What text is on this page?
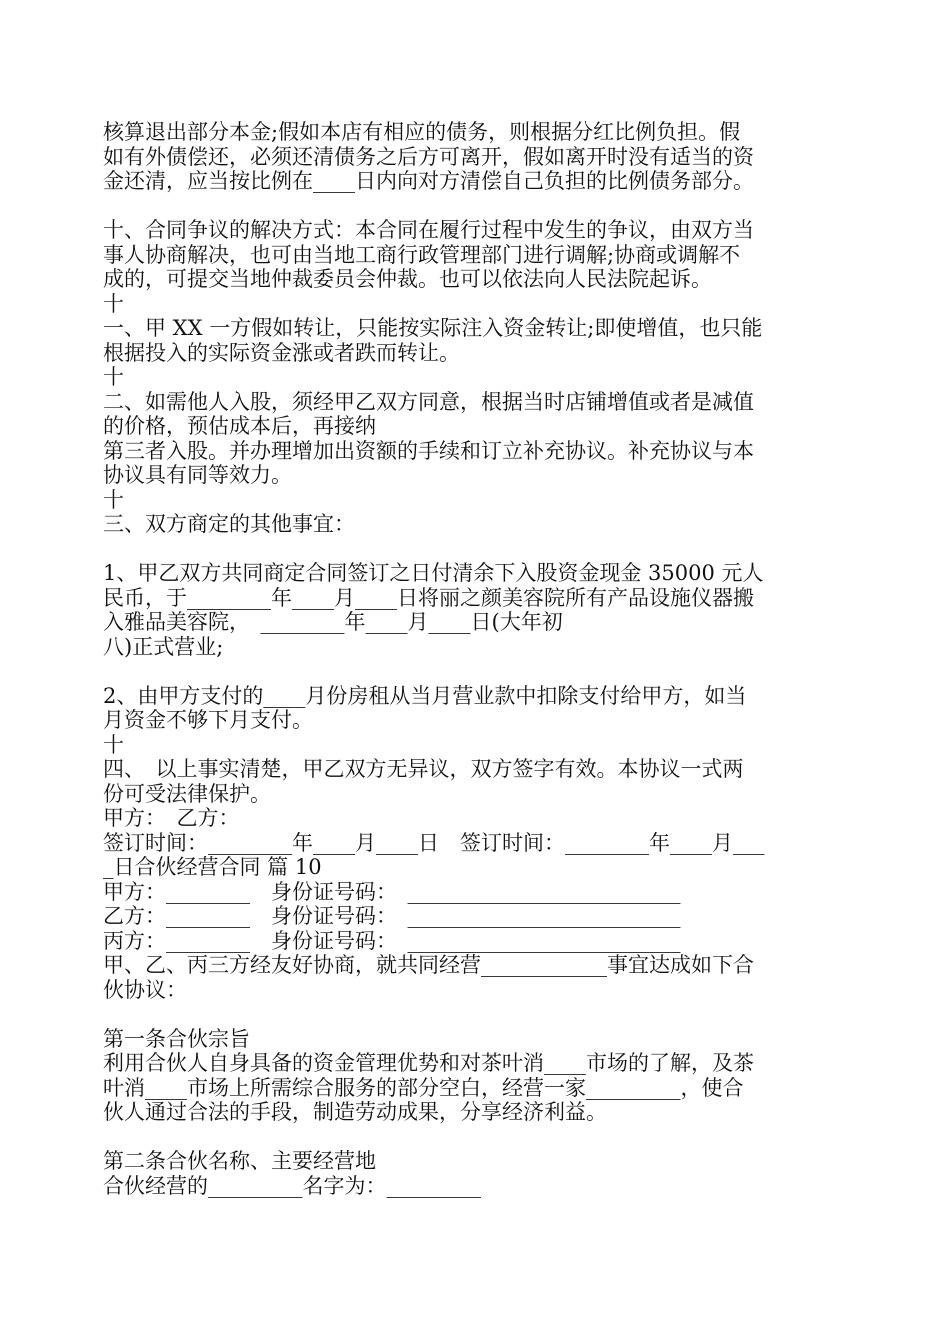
核算退出部分本金;假如本店有相应的债务，则根据分红比例负担。假
如有外债偿还，必须还清债务之后方可离开，假如离开时没有适当的资
金还清，应当按比例在____日内向对方清偿自己负担的比例债务部分。
十、合同争议的解决方式：本合同在履行过程中发生的争议，由双方当
事人协商解决，也可由当地工商行政管理部门进行调解;协商或调解不
成的，可提交当地仲裁委员会仲裁。也可以依法向人民法院起诉。
十
一、甲 XX 一方假如转让，只能按实际注入资金转让;即使增值，也只能
根据投入的实际资金涨或者跌而转让。
十
二、如需他人入股，须经甲乙双方同意，根据当时店铺增值或者是减值
的价格，预估成本后，再接纳
第三者入股。并办理增加出资额的手续和订立补充协议。补充协议与本
协议具有同等效力。
十
三、双方商定的其他事宜：
1、甲乙双方共同商定合同签订之日付清余下入股资金现金 35000 元人
民币，于________年____月____日将丽之颜美容院所有产品设施仪器搬
入雅品美容院，　________年____月____日(大年初
八)正式营业;
2、由甲方支付的____月份房租从当月营业款中扣除支付给甲方，如当
月资金不够下月支付。
十
四、　以上事实清楚，甲乙双方无异议，双方签字有效。本协议一式两
份可受法律保护。
甲方：　乙方：
签订时间：________年____月____日　签订时间：________年____月___
_日合伙经营合同 篇 10
甲方：________　身份证号码：　__________________________
乙方：________　身份证号码：　__________________________
丙方：________　身份证号码：　__________________________
甲、乙、丙三方经友好协商，就共同经营____________事宜达成如下合
伙协议：
第一条合伙宗旨
利用合伙人自身具备的资金管理优势和对茶叶消____市场的了解，及茶
叶消____市场上所需综合服务的部分空白，经营一家_________，使合
伙人通过合法的手段，制造劳动成果，分享经济利益。
第二条合伙名称、主要经营地
合伙经营的_________名字为：_________
